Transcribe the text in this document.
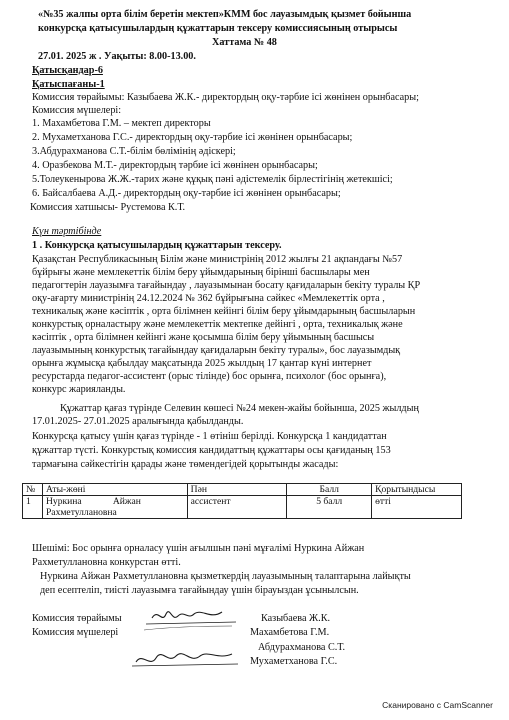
«№35 жалпы орта білім беретін мектеп»КММ бос лауазымдық қызмет бойынша
конкурсқа қатысушылардың құжаттарын тексеру комиссиясының отырысы
Хаттама № 48
27.01. 2025 ж . Уақыты: 8.00-13.00.
Қатысқандар-6
Қатыспағаны-1
Комиссия төрайымы: Казыбаева Ж.К.- директордың оқу-тәрбие ісі жөнінен орынбасары;
Комиссия мүшелері:
1. Махамбетова Г.М. – мектеп директоры
2. Мухаметханова Г.С.- директордың оқу-тәрбие ісі жөнінен орынбасары;
3.Абдурахманова С.Т.-білім бөлімінің әдіскері;
4. Оразбекова М.Т.- директордың тәрбие ісі жөнінен орынбасары;
5.Толеукенырова Ж.Ж.-тарих және құқық пәні әдістемелік бірлестігінің жетекшісі;
6. Байсалбаева А.Д.- директордың оқу-тәрбие ісі жөнінен орынбасары;
Комиссия хатшысы- Рустемова К.Т.
Күн тәртібінде
1 . Конкурсқа қатысушылардың құжаттарын тексеру.
Қазақстан Республикасының Білім және министрінің 2012 жылғы 21 ақпандағы №57
бұйрығы және мемлекеттік білім беру ұйымдарының бірінші басшылары мен
педагогтерін лауазымға тағайындау , лауазымынан босату қағидаларын бекіту туралы ҚР
оқу-ағарту министрінің 24.12.2024 № 362 бұйрығына сәйкес «Мемлекеттік орта ,
техникалық және кәсіптік , орта білімнен кейінгі білім беру ұйымдарының басшыларын
конкурстық орналастыру және мемлекеттік мектепке дейінгі , орта, техникалық және
кәсіптік , орта білімнен кейінгі және қосымша білім беру ұйымының басшысы
лауазымының конкурстық тағайындау қағидаларын бекіту туралы», бос лауазымдық
орынға жұмысқа қабылдау мақсатында 2025 жылдың 17 қантар күні интернет
ресурстарда педагог-ассистент (орыс тілінде) бос орынға, психолог (бос орынға),
конкурс жарияланды.
Құжаттар қағаз түрінде Селевин көшесі №24 мекен-жайы бойынша, 2025 жылдың
17.01.2025- 27.01.2025 аралығында қабылданды.
Конкурсқа қатысу үшін қағаз түрінде - 1 өтініш берілді. Конкурсқа 1 кандидаттан
құжаттар түсті. Конкурстық комиссия кандидаттың құжаттары осы қағиданың 153
тармағына сәйкестігін қарады және төмендегідей қорытынды жасады:
№	Аты-жөні	Пән	Балл	Қорытындысы
1	Нуркина             Айжан Рахметуллановна	ассистент	5 балл	өтті
Шешімі: Бос орынға орналасу үшін ағылшын пәні мұғалімі Нуркина Айжан
Рахметуллановна конкурстан өтті.
Нуркина Айжан Рахметуллановна қызметкердің лауазымының талаптарына лайықты
деп есептеліп, тиісті лауазымға тағайындау үшін бірауыздан ұсынылсын.
Комиссия төрайымы
Комиссия мүшелері
Казыбаева Ж.К.
Махамбетова Г.М.
Абдурахманова С.Т.
Мухаметханова Г.С.
Сканировано с CamScanner
